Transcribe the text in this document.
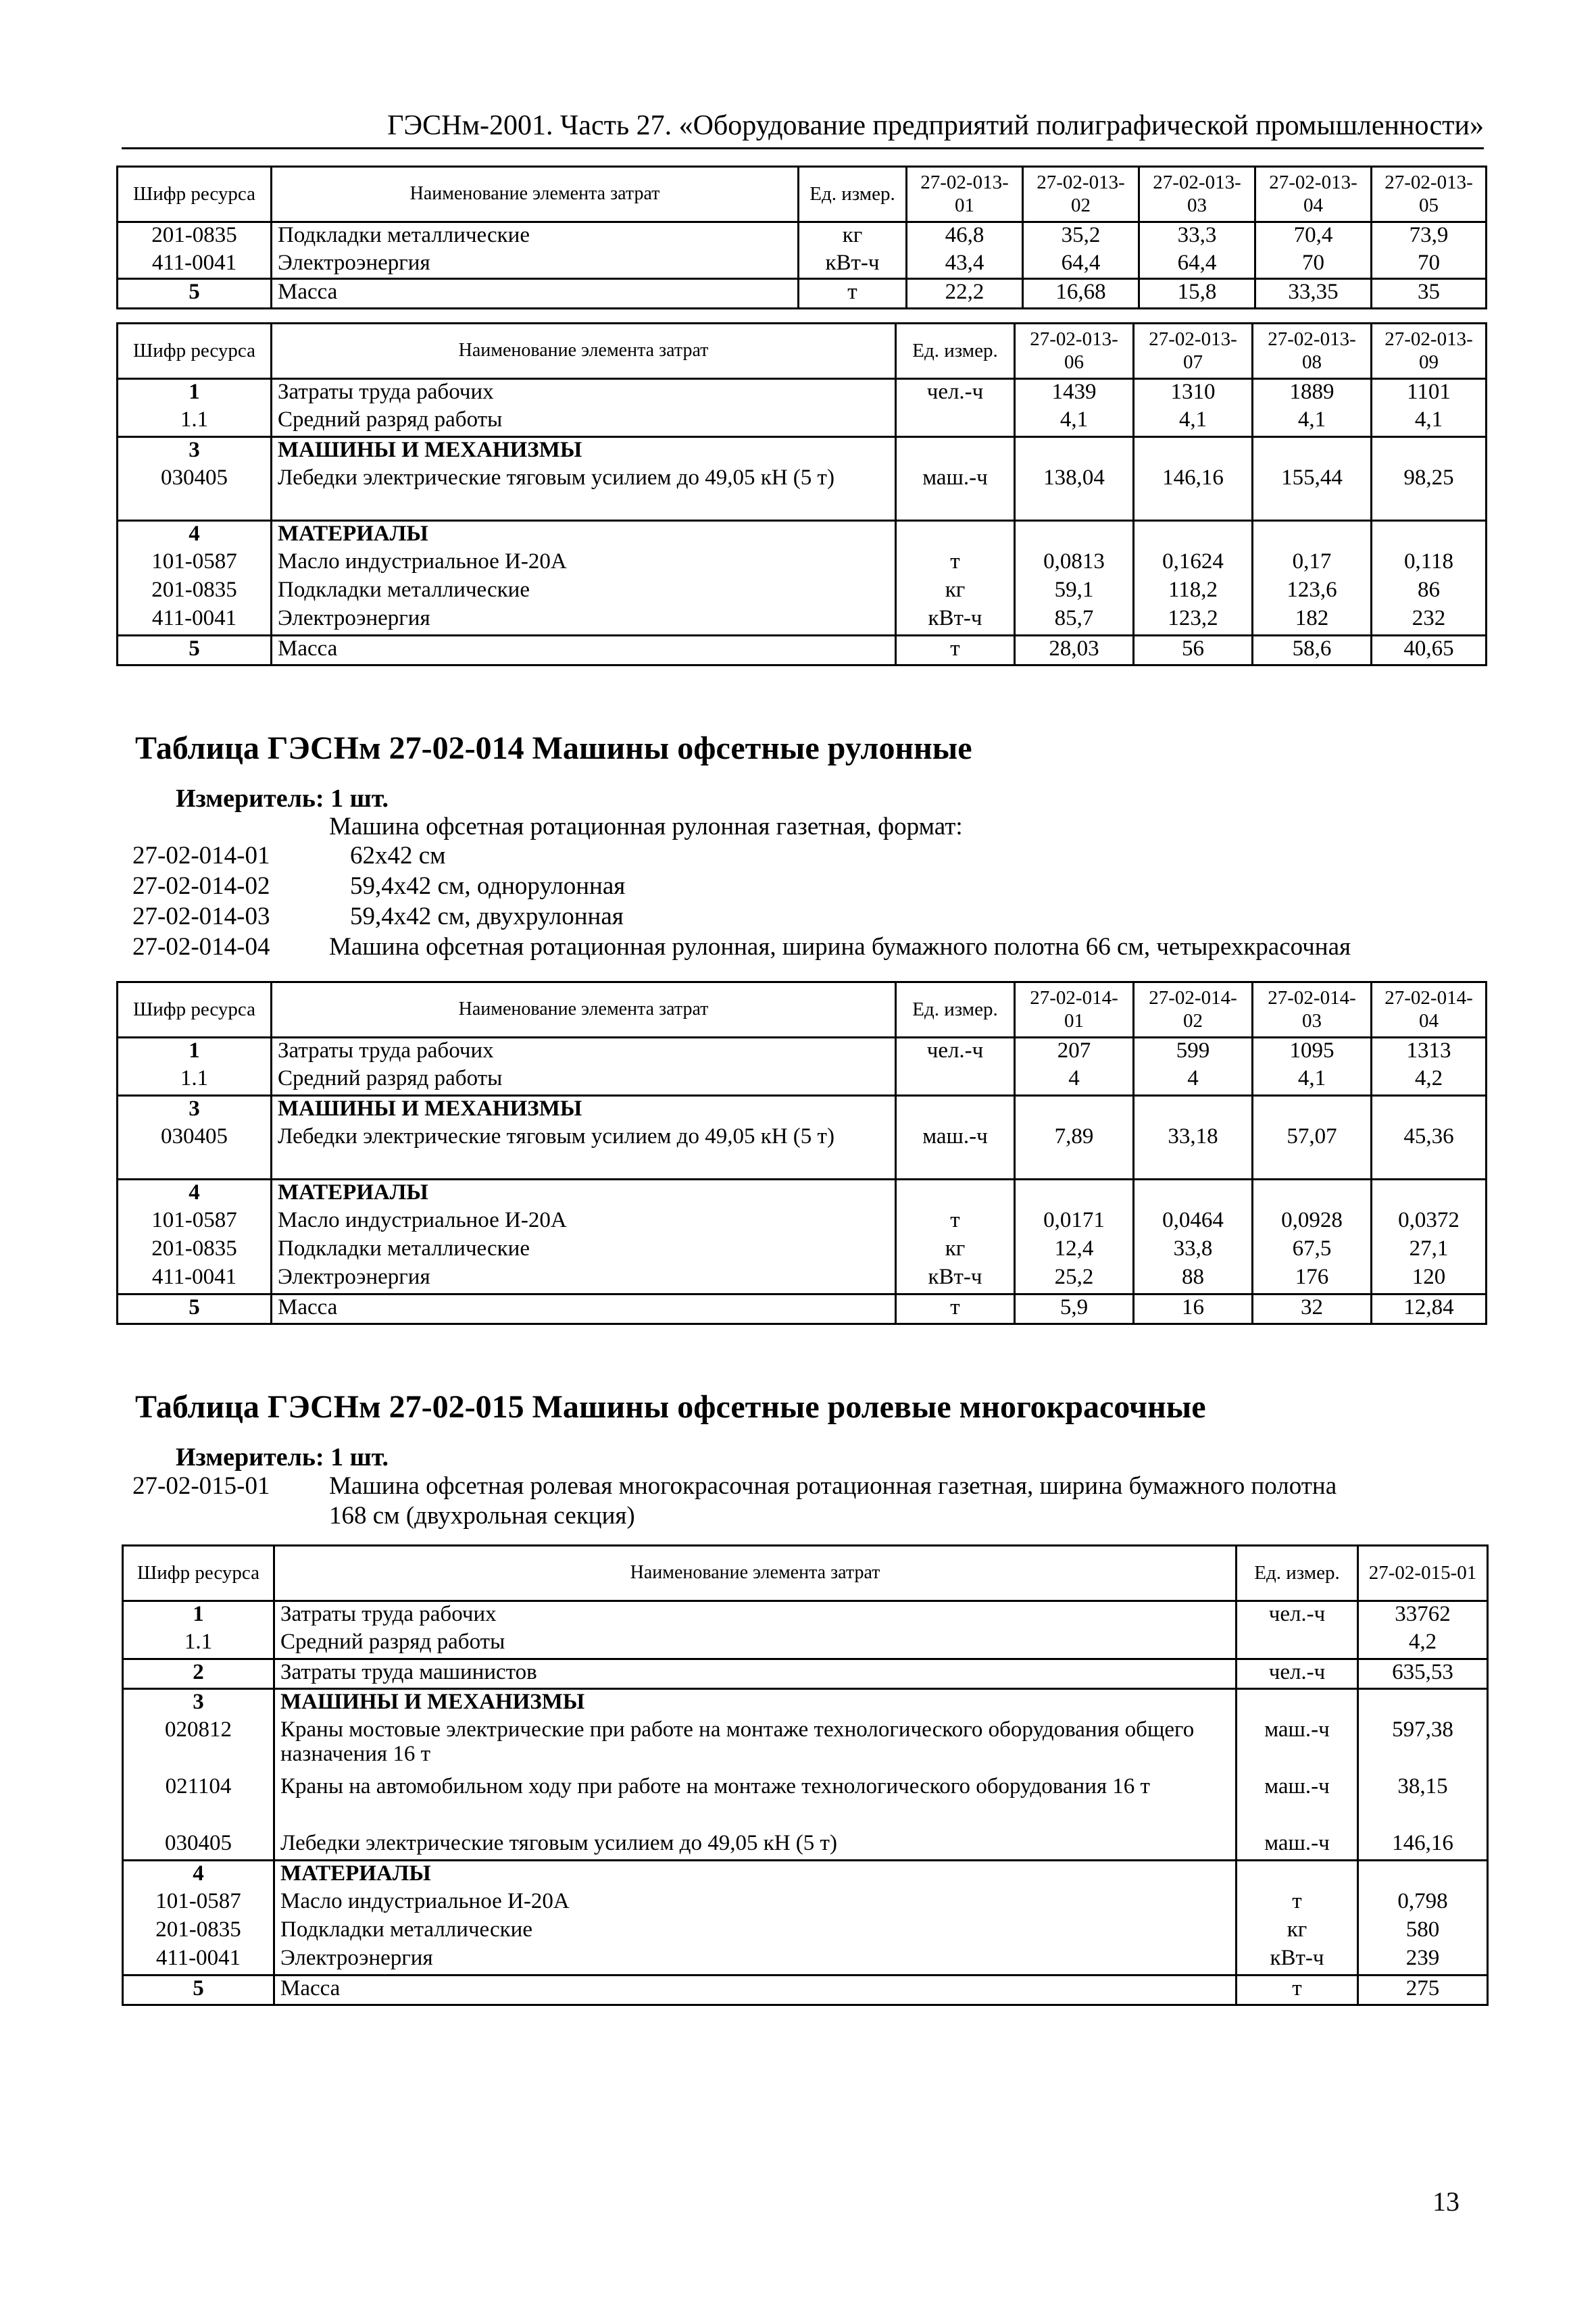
ГЭСНм-2001. Часть 27. «Оборудование предприятий полиграфической промышленности»
Шифр ресурса	Наименование элемента затрат	Ед. измер.	27-02-013-01	27-02-013-02	27-02-013-03	27-02-013-04	27-02-013-05
201-0835	Подкладки металлические	кг	46,8	35,2	33,3	70,4	73,9
411-0041	Электроэнергия	кВт-ч	43,4	64,4	64,4	70	70
5	Масса	т	22,2	16,68	15,8	33,35	35
Шифр ресурса	Наименование элемента затрат	Ед. измер.	27-02-013-06	27-02-013-07	27-02-013-08	27-02-013-09
1	Затраты труда рабочих	чел.-ч	1439	1310	1889	1101
1.1	Средний разряд работы		4,1	4,1	4,1	4,1
3	МАШИНЫ И МЕХАНИЗМЫ					
030405	Лебедки электрические тяговым усилием до 49,05 кН (5 т)	маш.-ч	138,04	146,16	155,44	98,25
4	МАТЕРИАЛЫ					
101-0587	Масло индустриальное И-20А	т	0,0813	0,1624	0,17	0,118
201-0835	Подкладки металлические	кг	59,1	118,2	123,6	86
411-0041	Электроэнергия	кВт-ч	85,7	123,2	182	232
5	Масса	т	28,03	56	58,6	40,65
Таблица ГЭСНм 27-02-014 Машины офсетные рулонные
Измеритель: 1 шт.
Машина офсетная ротационная рулонная газетная, формат:
27-02-014-01	62х42 см
27-02-014-02	59,4х42 см, однорулонная
27-02-014-03	59,4х42 см, двухрулонная
27-02-014-04 Машина офсетная ротационная рулонная, ширина бумажного полотна 66 см, четырехкрасочная
Шифр ресурса	Наименование элемента затрат	Ед. измер.	27-02-014-01	27-02-014-02	27-02-014-03	27-02-014-04
1	Затраты труда рабочих	чел.-ч	207	599	1095	1313
1.1	Средний разряд работы		4	4	4,1	4,2
3	МАШИНЫ И МЕХАНИЗМЫ					
030405	Лебедки электрические тяговым усилием до 49,05 кН (5 т)	маш.-ч	7,89	33,18	57,07	45,36
4	МАТЕРИАЛЫ					
101-0587	Масло индустриальное И-20А	т	0,0171	0,0464	0,0928	0,0372
201-0835	Подкладки металлические	кг	12,4	33,8	67,5	27,1
411-0041	Электроэнергия	кВт-ч	25,2	88	176	120
5	Масса	т	5,9	16	32	12,84
Таблица ГЭСНм 27-02-015 Машины офсетные ролевые многокрасочные
Измеритель: 1 шт.
27-02-015-01 Машина офсетная ролевая многокрасочная ротационная газетная, ширина бумажного полотна
168 см (двухрольная секция)
Шифр ресурса	Наименование элемента затрат	Ед. измер.	27-02-015-01
1	Затраты труда рабочих	чел.-ч	33762
1.1	Средний разряд работы		4,2
2	Затраты труда машинистов	чел.-ч	635,53
3	МАШИНЫ И МЕХАНИЗМЫ		
020812	Краны мостовые электрические при работе на монтаже технологического оборудования общего назначения 16 т	маш.-ч	597,38
021104	Краны на автомобильном ходу при работе на монтаже технологического оборудования 16 т	маш.-ч	38,15
030405	Лебедки электрические тяговым усилием до 49,05 кН (5 т)	маш.-ч	146,16
4	МАТЕРИАЛЫ		
101-0587	Масло индустриальное И-20А	т	0,798
201-0835	Подкладки металлические	кг	580
411-0041	Электроэнергия	кВт-ч	239
5	Масса	т	275
13
